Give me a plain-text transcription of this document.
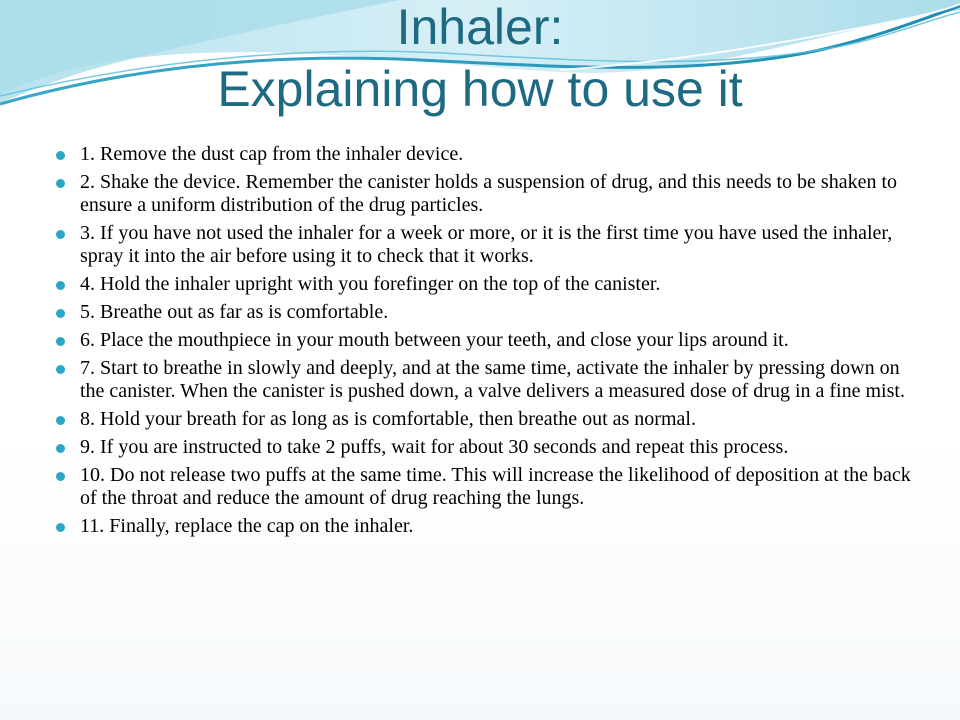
Inhaler:
Explaining how to use it
1. Remove the dust cap from the inhaler device.
2. Shake the device. Remember the canister holds a suspension of drug, and this needs to be shaken to ensure a uniform distribution of the drug particles.
3. If you have not used the inhaler for a week or more, or it is the first time you have used the inhaler, spray it into the air before using it to check that it works.
4. Hold the inhaler upright with you forefinger on the top of the canister.
5. Breathe out as far as is comfortable.
6. Place the mouthpiece in your mouth between your teeth, and close your lips around it.
7. Start to breathe in slowly and deeply, and at the same time, activate the inhaler by pressing down on the canister. When the canister is pushed down, a valve delivers a measured dose of drug in a fine mist.
8. Hold your breath for as long as is comfortable, then breathe out as normal.
9. If you are instructed to take 2 puffs, wait for about 30 seconds and repeat this process.
10. Do not release two puffs at the same time. This will increase the likelihood of deposition at the back of the throat and reduce the amount of drug reaching the lungs.
11. Finally, replace the cap on the inhaler.
